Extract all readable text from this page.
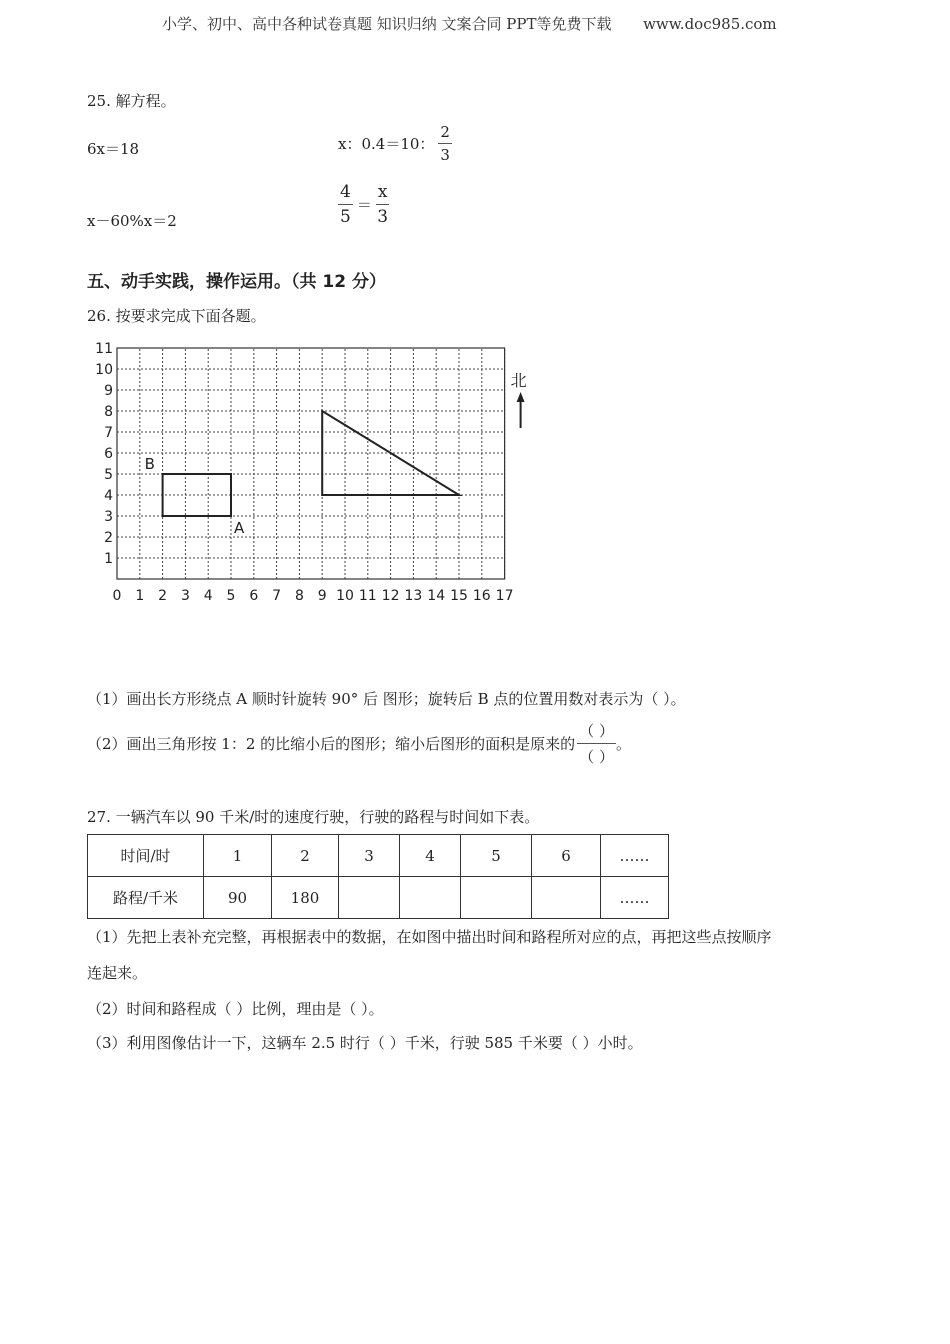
小学、初中、高中各种试卷真题 知识归纳 文案合同 PPT等免费下载 www.doc985.com
25. 解方程。
6x＝18	x：0.4＝10： $\frac{2}{3}$
x－60%x＝2	$\frac{4}{5} = \frac{x}{3}$
五、动手实践，操作运用。（共 12 分）
26. 按要求完成下面各题。
0 1 2 3 4 5 6 7 8 9 10 11 12 13 14 15 16 17
1
2
3
4
5
6
7
8
9
10
11
A
B
北
（1）画出长方形绕点 A 顺时针旋转 90° 后 图形；旋转后 B 点的位置用数对表示为（ ）。
（2）画出三角形按 1：2 的比缩小后的图形；缩小后图形的面积是原来的 $\frac{( )}{( )}$ 。
27. 一辆汽车以 90 千米/时的速度行驶，行驶的路程与时间如下表。
时间/时	1	2	3	4	5	6	……
路程/千米	90	180					……
（1）先把上表补充完整，再根据表中的数据，在如图中描出时间和路程所对应的点，再把这些点按顺序
连起来。
（2）时间和路程成（ ）比例，理由是（ ）。
（3）利用图像估计一下，这辆车 2.5 时行（ ）千米，行驶 585 千米要（ ）小时。
